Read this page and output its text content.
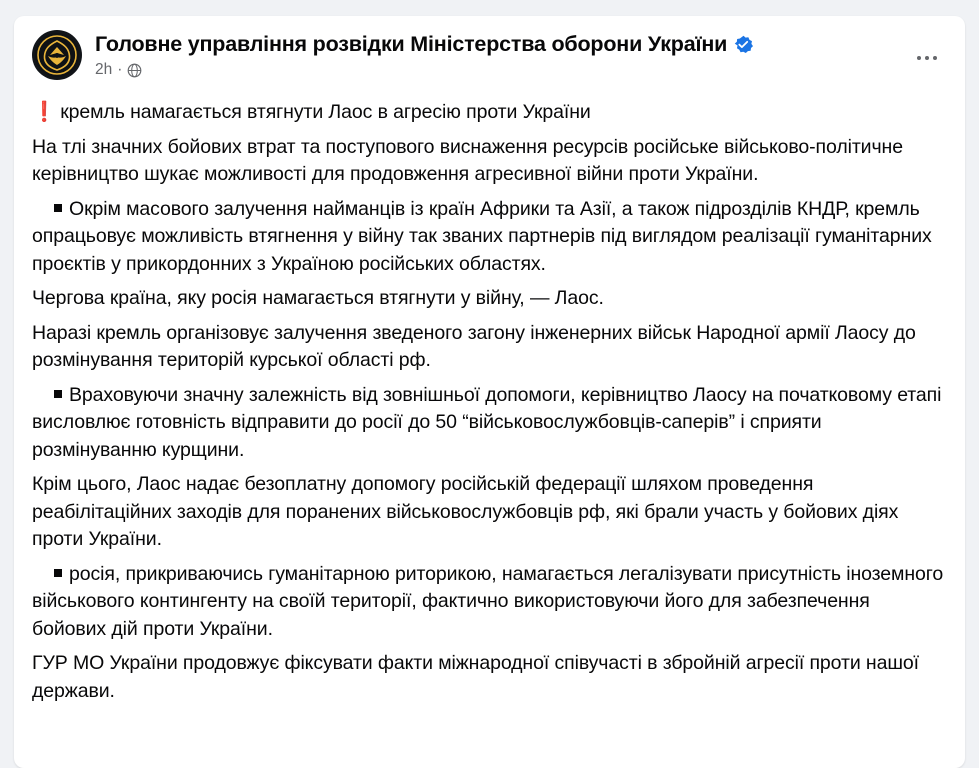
Головне управління розвідки Міністерства оборони України
2h ·

❗ кремль намагається втягнути Лаос в агресію проти України

На тлі значних бойових втрат та поступового виснаження ресурсів російське військово-політичне керівництво шукає можливості для продовження агресивної війни проти України.

Окрім масового залучення найманців із країн Африки та Азії, а також підрозділів КНДР, кремль опрацьовує можливість втягнення у війну так званих партнерів під виглядом реалізації гуманітарних проєктів у прикордонних з Україною російських областях.

Чергова країна, яку росія намагається втягнути у війну, — Лаос.

Наразі кремль організовує залучення зведеного загону інженерних військ Народної армії Лаосу до розмінування територій курської області рф.

Враховуючи значну залежність від зовнішньої допомоги, керівництво Лаосу на початковому етапі висловлює готовність відправити до росії до 50 “військовослужбовців-саперів” і сприяти розмінуванню курщини.

Крім цього, Лаос надає безоплатну допомогу російській федерації шляхом проведення реабілітаційних заходів для поранених військовослужбовців рф, які брали участь у бойових діях проти України.

росія, прикриваючись гуманітарною риторикою, намагається легалізувати присутність іноземного військового контингенту на своїй території, фактично використовуючи його для забезпечення бойових дій проти України.

ГУР МО України продовжує фіксувати факти міжнародної співучасті в збройній агресії проти нашої держави.
